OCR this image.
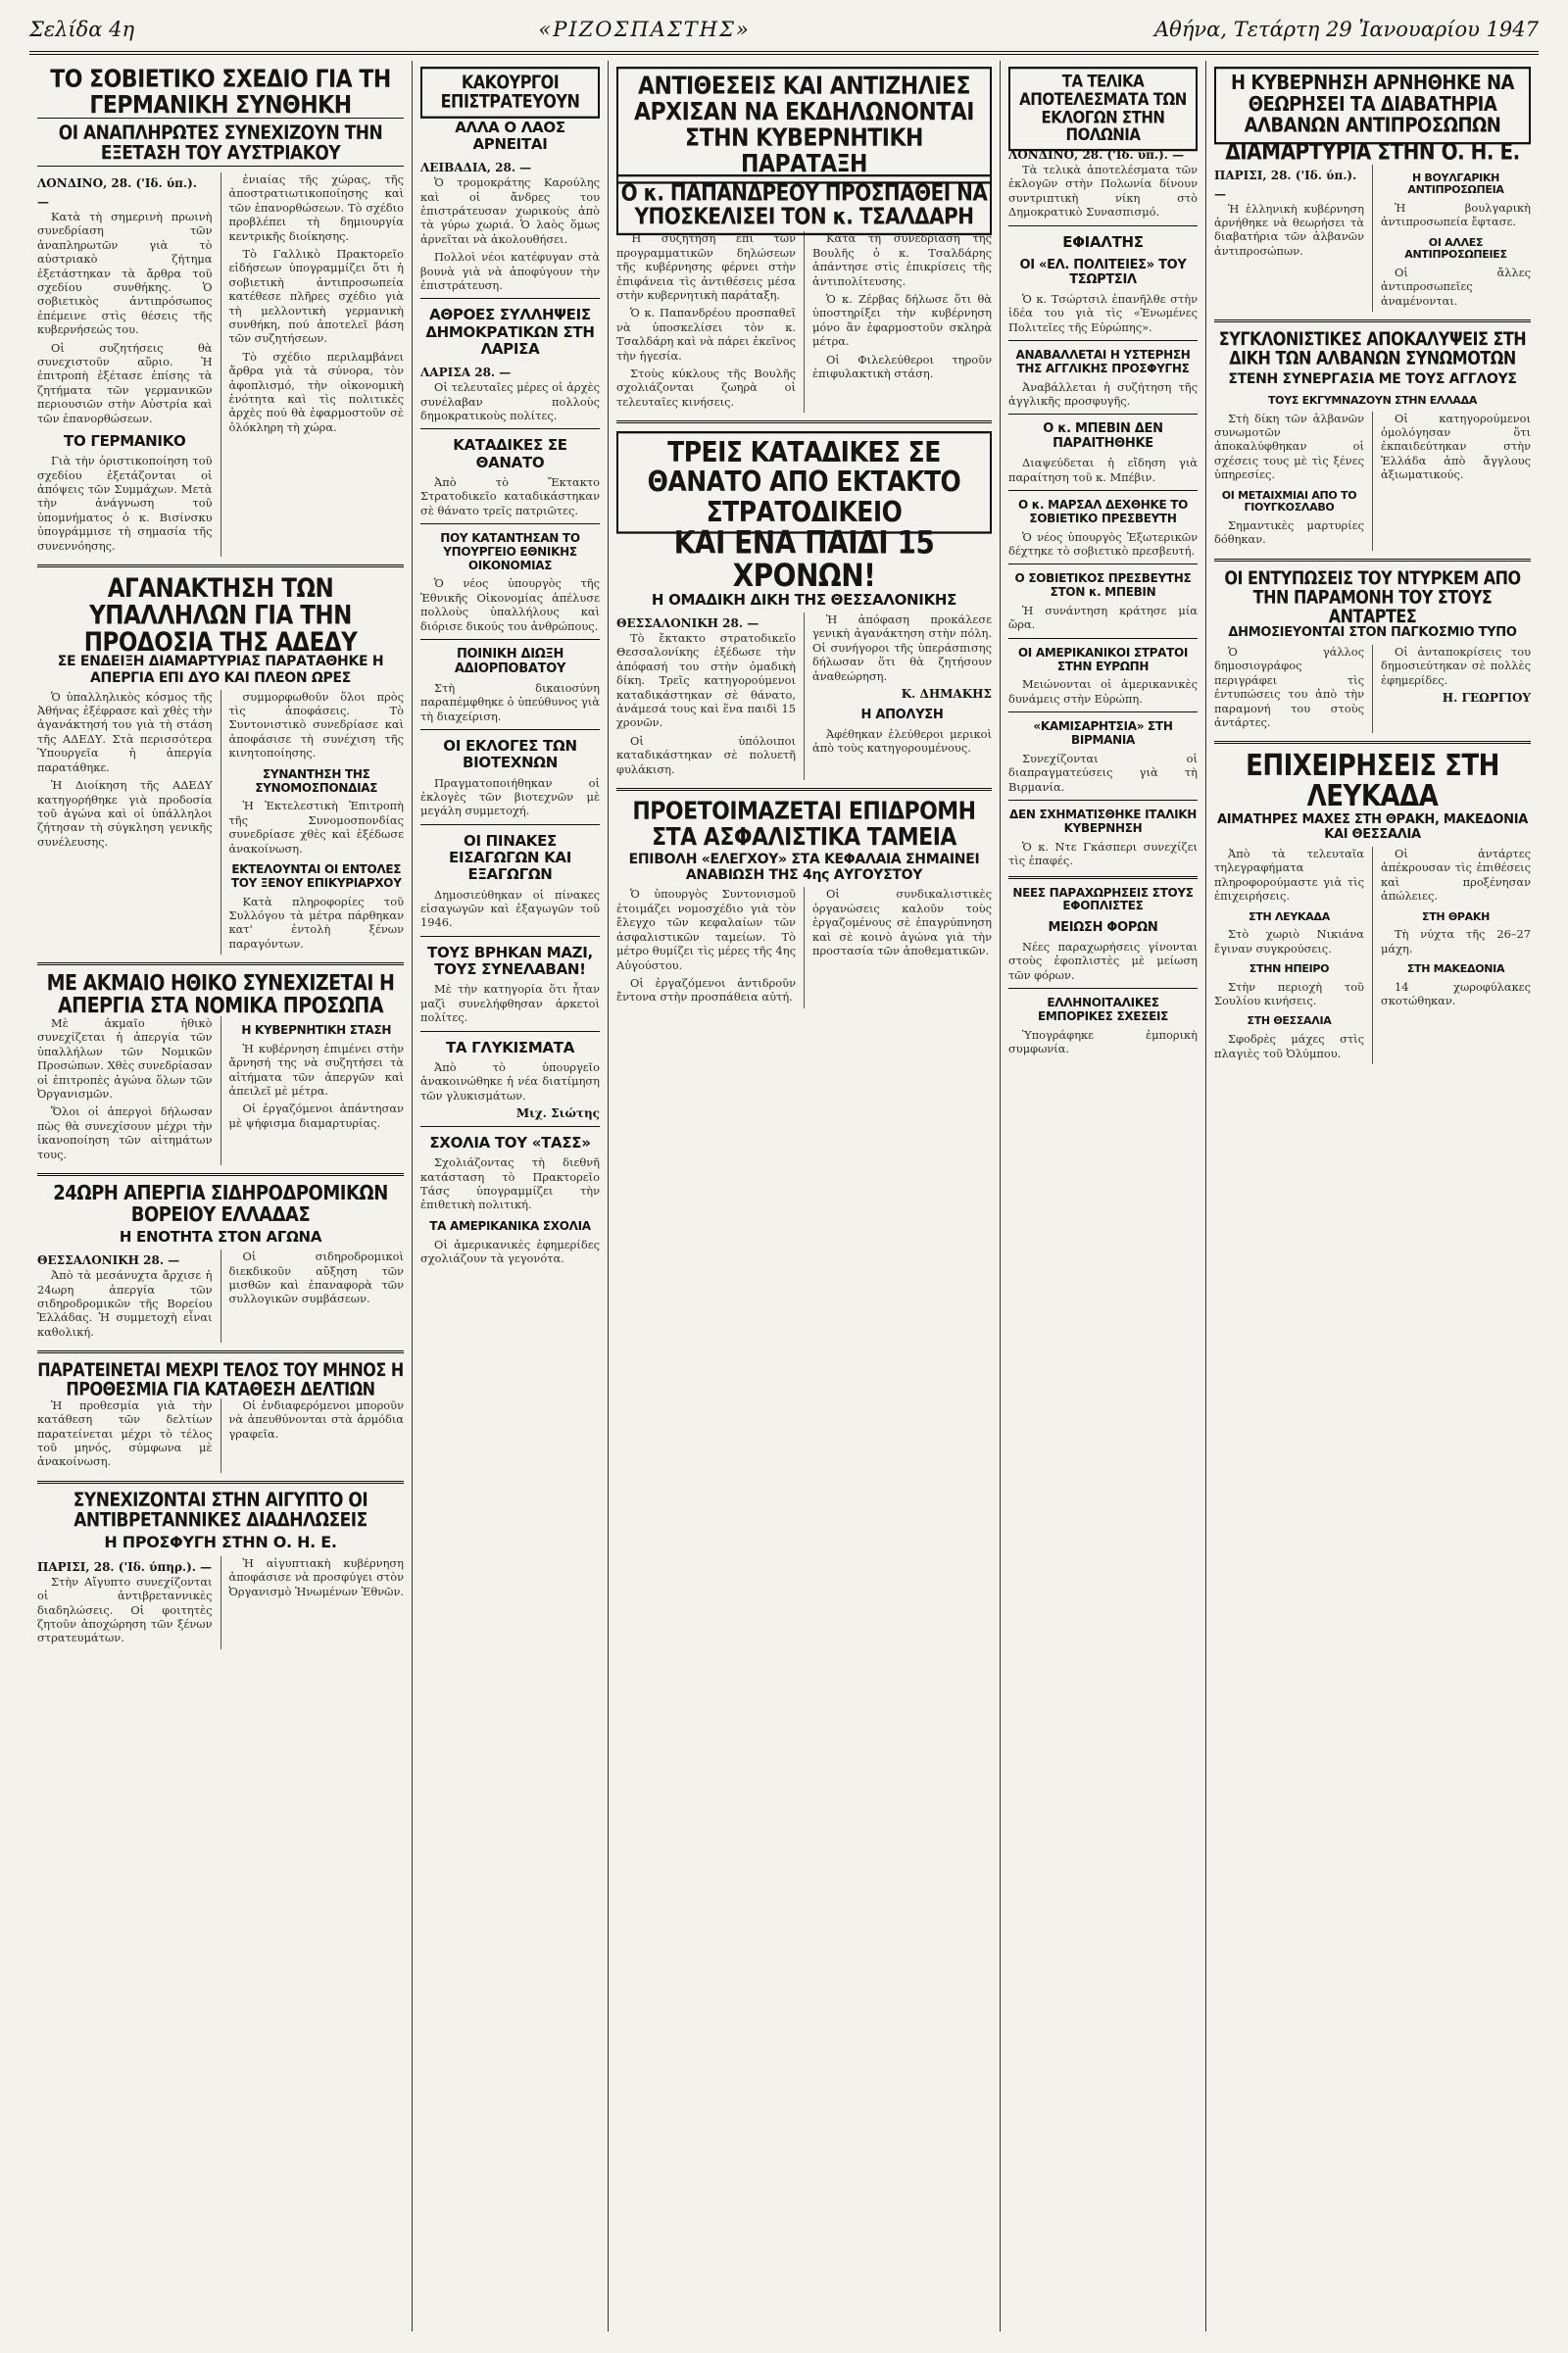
Σελίδα 4η	«ΡΙΖΟΣΠΑΣΤΗΣ»	Αθήνα, Τετάρτη 29 Ἰανουαρίου 1947
ΤΟ ΣΟΒΙΕΤΙΚΟ ΣΧΕΔΙΟ ΓΙΑ ΤΗ ΓΕΡΜΑΝΙΚΗ ΣΥΝΘΗΚΗ
ΟΙ ΑΝΑΠΛΗΡΩΤΕΣ ΣΥΝΕΧΙΖΟΥΝ ΤΗΝ ΕΞΕΤΑΣΗ ΤΟΥ ΑΥΣΤΡΙΑΚΟΥ
ΛΟΝΔΙΝΟ, 28. ('Ιδ. ύπ.). —

Κατὰ τὴ σημερινὴ πρωινὴ συνεδρίαση τῶν ἀναπληρωτῶν γιὰ τὸ αὐστριακὸ ζήτημα ἐξετάστηκαν τὰ ἄρθρα τοῦ σχεδίου συνθήκης. Ὁ σοβιετικὸς ἀντιπρόσωπος ἐπέμεινε στὶς θέσεις τῆς κυβερνήσεώς του.

Οἱ συζητήσεις θὰ συνεχιστοῦν αὔριο. Ἡ ἐπιτροπὴ ἐξέτασε ἐπίσης τὰ ζητήματα τῶν γερμανικῶν περιουσιῶν στὴν Αὐστρία καὶ τῶν ἐπανορθώσεων.

ΤΟ ΓΕΡΜΑΝΙΚΟ

Γιὰ τὴν ὁριστικοποίηση τοῦ σχεδίου ἐξετάζονται οἱ ἀπόψεις τῶν Συμμάχων. Μετὰ τὴν ἀνάγνωση τοῦ ὑπομνήματος ὁ κ. Βισίνσκυ ὑπογράμμισε τὴ σημασία τῆς συνεννόησης.

ἐνιαίας τῆς χώρας, τῆς ἀποστρατιωτικοποίησης καὶ τῶν ἐπανορθώσεων. Τὸ σχέδιο προβλέπει τὴ δημιουργία κεντρικῆς διοίκησης.

Τὸ Γαλλικὸ Πρακτορεῖο εἰδήσεων ὑπογραμμίζει ὅτι ἡ σοβιετικὴ ἀντιπροσωπεία κατέθεσε πλῆρες σχέδιο γιὰ τὴ μελλοντικὴ γερμανικὴ συνθήκη, πού ἀποτελεῖ βάση τῶν συζητήσεων.

Τὸ σχέδιο περιλαμβάνει ἄρθρα γιὰ τὰ σύνορα, τὸν ἀφοπλισμό, τὴν οἰκονομικὴ ἑνότητα καὶ τὶς πολιτικὲς ἀρχὲς πού θὰ ἐφαρμοστοῦν σὲ ὁλόκληρη τὴ χώρα.

ΑΓΑΝΑΚΤΗΣΗ ΤΩΝ ΥΠΑΛΛΗΛΩΝ ΓΙΑ ΤΗΝ ΠΡΟΔΟΣΙΑ ΤΗΣ ΑΔΕΔΥ
ΣΕ ΕΝΔΕΙΞΗ ΔΙΑΜΑΡΤΥΡΙΑΣ ΠΑΡΑΤΑΘΗΚΕ Η ΑΠΕΡΓΙΑ ΕΠΙ ΔΥΟ ΚΑΙ ΠΛΕΟΝ ΩΡΕΣ

Ὁ ὑπαλληλικὸς κόσμος τῆς Ἀθήνας ἐξέφρασε καὶ χθὲς τὴν ἀγανάκτησή του γιὰ τὴ στάση τῆς ΑΔΕΔΥ. Στὰ περισσότερα Ὑπουργεῖα ἡ ἀπεργία παρατάθηκε.

Ἡ Διοίκηση τῆς ΑΔΕΔΥ κατηγορήθηκε γιὰ προδοσία τοῦ ἀγώνα καὶ οἱ ὑπάλληλοι ζήτησαν τὴ σύγκληση γενικῆς συνέλευσης.

συμμορφωθοῦν ὅλοι πρὸς τὶς ἀποφάσεις. Τὸ Συντονιστικὸ συνεδρίασε καὶ ἀποφάσισε τὴ συνέχιση τῆς κινητοποίησης.

ΣΥΝΑΝΤΗΣΗ ΤΗΣ ΣΥΝΟΜΟΣΠΟΝΔΙΑΣ

Ἡ Ἐκτελεστικὴ Ἐπιτροπὴ τῆς Συνομοσπονδίας συνεδρίασε χθὲς καὶ ἐξέδωσε ἀνακοίνωση.

ΕΚΤΕΛΟΥΝΤΑΙ ΟΙ ΕΝΤΟΛΕΣ ΤΟΥ ΞΕΝΟΥ ΕΠΙΚΥΡΙΑΡΧΟΥ

Κατὰ πληροφορίες τοῦ Συλλόγου τὰ μέτρα πάρθηκαν κατ' ἐντολὴ ξένων παραγόντων.

ΜΕ ΑΚΜΑΙΟ ΗΘΙΚΟ ΣΥΝΕΧΙΖΕΤΑΙ Η ΑΠΕΡΓΙΑ ΣΤΑ ΝΟΜΙΚΑ ΠΡΟΣΩΠΑ

Μὲ ἀκμαῖο ἠθικὸ συνεχίζεται ἡ ἀπεργία τῶν ὑπαλλήλων τῶν Νομικῶν Προσώπων. Χθὲς συνεδρίασαν οἱ ἐπιτροπὲς ἀγώνα ὅλων τῶν Ὀργανισμῶν.

Ὅλοι οἱ ἀπεργοὶ δήλωσαν πὼς θὰ συνεχίσουν μέχρι τὴν ἱκανοποίηση τῶν αἰτημάτων τους.

Η ΚΥΒΕΡΝΗΤΙΚΗ ΣΤΑΣΗ

Ἡ κυβέρνηση ἐπιμένει στὴν ἄρνησή της νὰ συζητήσει τὰ αἰτήματα τῶν ἀπεργῶν καὶ ἀπειλεῖ μὲ μέτρα.

Οἱ ἐργαζόμενοι ἀπάντησαν μὲ ψήφισμα διαμαρτυρίας.

24ΩΡΗ ΑΠΕΡΓΙΑ ΣΙΔΗΡΟΔΡΟΜΙΚΩΝ ΒΟΡΕΙΟΥ ΕΛΛΑΔΑΣ
Η ΕΝΟΤΗΤΑ ΣΤΟΝ ΑΓΩΝΑ
ΘΕΣΣΑΛΟΝΙΚΗ 28. —

Ἀπὸ τὰ μεσάνυχτα ἄρχισε ἡ 24ωρη ἀπεργία τῶν σιδηροδρομικῶν τῆς Βορείου Ἑλλάδας. Ἡ συμμετοχὴ εἶναι καθολική.

Οἱ σιδηροδρομικοὶ διεκδικοῦν αὔξηση τῶν μισθῶν καὶ ἐπαναφορὰ τῶν συλλογικῶν συμβάσεων.

ΠΑΡΑΤΕΙΝΕΤΑΙ ΜΕΧΡΙ ΤΕΛΟΣ ΤΟΥ ΜΗΝΟΣ Η ΠΡΟΘΕΣΜΙΑ ΓΙΑ ΚΑΤΑΘΕΣΗ ΔΕΛΤΙΩΝ

Ἡ προθεσμία γιὰ τὴν κατάθεση τῶν δελτίων παρατείνεται μέχρι τὸ τέλος τοῦ μηνός, σύμφωνα μὲ ἀνακοίνωση.

Οἱ ἐνδιαφερόμενοι μποροῦν νὰ ἀπευθύνονται στὰ ἁρμόδια γραφεῖα.

ΣΥΝΕΧΙΖΟΝΤΑΙ ΣΤΗΝ ΑΙΓΥΠΤΟ ΟΙ ΑΝΤΙΒΡΕΤΑΝΝΙΚΕΣ ΔΙΑΔΗΛΩΣΕΙΣ
Η ΠΡΟΣΦΥΓΗ ΣΤΗΝ Ο. Η. Ε.
ΠΑΡΙΣΙ, 28. ('Ιδ. ύπηρ.). —

Στὴν Αἴγυπτο συνεχίζονται οἱ ἀντιβρεταννικὲς διαδηλώσεις. Οἱ φοιτητὲς ζητοῦν ἀποχώρηση τῶν ξένων στρατευμάτων.

Ἡ αἰγυπτιακὴ κυβέρνηση ἀποφάσισε νὰ προσφύγει στὸν Ὀργανισμὸ Ἡνωμένων Ἐθνῶν.

ΚΑΚΟΥΡΓΟΙ ΕΠΙΣΤΡΑΤΕΥΟΥΝ
ΑΛΛΑ Ο ΛΑΟΣ ΑΡΝΕΙΤΑΙ
ΛΕΙΒΑΔΙΑ, 28. —

Ὁ τρομοκράτης Καρούλης καὶ οἱ ἄνδρες του ἐπιστράτευσαν χωρικοὺς ἀπὸ τὰ γύρω χωριά. Ὁ λαὸς ὅμως ἀρνεῖται νὰ ἀκολουθήσει.

Πολλοὶ νέοι κατέφυγαν στὰ βουνὰ γιὰ νὰ ἀποφύγουν τὴν ἐπιστράτευση.

ΑΘΡΟΕΣ ΣΥΛΛΗΨΕΙΣ ΔΗΜΟΚΡΑΤΙΚΩΝ ΣΤΗ ΛΑΡΙΣΑ
ΛΑΡΙΣΑ 28. —

Οἱ τελευταῖες μέρες οἱ ἀρχὲς συνέλαβαν πολλοὺς δημοκρατικοὺς πολίτες.

ΚΑΤΑΔΙΚΕΣ ΣΕ ΘΑΝΑΤΟ

Ἀπὸ τὸ Ἔκτακτο Στρατοδικεῖο καταδικάστηκαν σὲ θάνατο τρεῖς πατριῶτες.

ΠΟΥ ΚΑΤΑΝΤΗΣΑΝ ΤΟ ΥΠΟΥΡΓΕΙΟ ΕΘΝΙΚΗΣ ΟΙΚΟΝΟΜΙΑΣ

Ὁ νέος ὑπουργὸς τῆς Ἐθνικῆς Οἰκονομίας ἀπέλυσε πολλοὺς ὑπαλλήλους καὶ διόρισε δικούς του ἀνθρώπους.

ΠΟΙΝΙΚΗ ΔΙΩΞΗ ΑΔΙΟΡΠΟΒΑΤΟΥ

Στὴ δικαιοσύνη παραπέμφθηκε ὁ ὑπεύθυνος γιὰ τὴ διαχείριση.

ΟΙ ΕΚΛΟΓΕΣ ΤΩΝ ΒΙΟΤΕΧΝΩΝ

Πραγματοποιήθηκαν οἱ ἐκλογὲς τῶν βιοτεχνῶν μὲ μεγάλη συμμετοχή.

ΟΙ ΠΙΝΑΚΕΣ ΕΙΣΑΓΩΓΩΝ ΚΑΙ ΕΞΑΓΩΓΩΝ

Δημοσιεύθηκαν οἱ πίνακες εἰσαγωγῶν καὶ ἐξαγωγῶν τοῦ 1946.

ΤΟΥΣ ΒΡΗΚΑΝ ΜΑΖΙ, ΤΟΥΣ ΣΥΝΕΛΑΒΑΝ!

Μὲ τὴν κατηγορία ὅτι ἦταν μαζὶ συνελήφθησαν ἀρκετοὶ πολίτες.

ΤΑ ΓΛΥΚΙΣΜΑΤΑ

Ἀπὸ τὸ ὑπουργεῖο ἀνακοινώθηκε ἡ νέα διατίμηση τῶν γλυκισμάτων.

Μιχ. Σιώτης
ΣΧΟΛΙΑ ΤΟΥ «ΤΑΣΣ»

Σχολιάζοντας τὴ διεθνῆ κατάσταση τὸ Πρακτορεῖο Τάσς ὑπογραμμίζει τὴν ἐπιθετικὴ πολιτική.

ΤΑ ΑΜΕΡΙΚΑΝΙΚΑ ΣΧΟΛΙΑ

Οἱ ἀμερικανικὲς ἐφημερίδες σχολιάζουν τὰ γεγονότα.

ΑΝΤΙΘΕΣΕΙΣ ΚΑΙ ΑΝΤΙΖΗΛΙΕΣ ΑΡΧΙΣΑΝ ΝΑ ΕΚΔΗΛΩΝΟΝΤΑΙ ΣΤΗΝ ΚΥΒΕΡΝΗΤΙΚΗ ΠΑΡΑΤΑΞΗ
Ο κ. ΠΑΠΑΝΔΡΕΟΥ ΠΡΟΣΠΑΘΕΙ ΝΑ ΥΠΟΣΚΕΛΙΣΕΙ ΤΟΝ κ. ΤΣΑΛΔΑΡΗ

Ἡ συζήτηση ἐπὶ τῶν προγραμματικῶν δηλώσεων τῆς κυβέρνησης φέρνει στὴν ἐπιφάνεια τὶς ἀντιθέσεις μέσα στὴν κυβερνητικὴ παράταξη.

Ὁ κ. Παπανδρέου προσπαθεῖ νὰ ὑποσκελίσει τὸν κ. Τσαλδάρη καὶ νὰ πάρει ἐκεῖνος τὴν ἡγεσία.

Στοὺς κύκλους τῆς Βουλῆς σχολιάζονται ζωηρὰ οἱ τελευταῖες κινήσεις.

Κατὰ τὴ συνεδρίαση τῆς Βουλῆς ὁ κ. Τσαλδάρης ἀπάντησε στὶς ἐπικρίσεις τῆς ἀντιπολίτευσης.

Ὁ κ. Ζέρβας δήλωσε ὅτι θὰ ὑποστηρίξει τὴν κυβέρνηση μόνο ἂν ἐφαρμοστοῦν σκληρὰ μέτρα.

Οἱ Φιλελεύθεροι τηροῦν ἐπιφυλακτικὴ στάση.

ΤΡΕΙΣ ΚΑΤΑΔΙΚΕΣ ΣΕ ΘΑΝΑΤΟ ΑΠΟ ΕΚΤΑΚΤΟ ΣΤΡΑΤΟΔΙΚΕΙΟ
ΚΑΙ ΕΝΑ ΠΑΙΔΙ 15 ΧΡΟΝΩΝ!
Η ΟΜΑΔΙΚΗ ΔΙΚΗ ΤΗΣ ΘΕΣΣΑΛΟΝΙΚΗΣ
ΘΕΣΣΑΛΟΝΙΚΗ 28. —

Τὸ ἔκτακτο στρατοδικεῖο Θεσσαλονίκης ἐξέδωσε τὴν ἀπόφασή του στὴν ὁμαδικὴ δίκη. Τρεῖς κατηγορούμενοι καταδικάστηκαν σὲ θάνατο, ἀνάμεσά τους καὶ ἕνα παιδὶ 15 χρονῶν.

Οἱ ὑπόλοιποι καταδικάστηκαν σὲ πολυετῆ φυλάκιση.

Ἡ ἀπόφαση προκάλεσε γενικὴ ἀγανάκτηση στὴν πόλη. Οἱ συνήγοροι τῆς ὑπεράσπισης δήλωσαν ὅτι θὰ ζητήσουν ἀναθεώρηση.

Κ. ΔΗΜΑΚΗΣ
Η ΑΠΟΛΥΣΗ

Ἀφέθηκαν ἐλεύθεροι μερικοὶ ἀπὸ τοὺς κατηγορουμένους.

ΠΡΟΕΤΟΙΜΑΖΕΤΑΙ ΕΠΙΔΡΟΜΗ ΣΤΑ ΑΣΦΑΛΙΣΤΙΚΑ ΤΑΜΕΙΑ
ΕΠΙΒΟΛΗ «ΕΛΕΓΧΟΥ» ΣΤΑ ΚΕΦΑΛΑΙΑ ΣΗΜΑΙΝΕΙ ΑΝΑΒΙΩΣΗ ΤΗΣ 4ης ΑΥΓΟΥΣΤΟΥ

Ὁ ὑπουργὸς Συντονισμοῦ ἐτοιμάζει νομοσχέδιο γιὰ τὸν ἔλεγχο τῶν κεφαλαίων τῶν ἀσφαλιστικῶν ταμείων. Τὸ μέτρο θυμίζει τὶς μέρες τῆς 4ης Αὐγούστου.

Οἱ ἐργαζόμενοι ἀντιδροῦν ἔντονα στὴν προσπάθεια αὐτή.

Οἱ συνδικαλιστικὲς ὀργανώσεις καλοῦν τοὺς ἐργαζομένους σὲ ἐπαγρύπνηση καὶ σὲ κοινὸ ἀγώνα γιὰ τὴν προστασία τῶν ἀποθεματικῶν.

ΤΑ ΤΕΛΙΚΑ ΑΠΟΤΕΛΕΣΜΑΤΑ ΤΩΝ ΕΚΛΟΓΩΝ ΣΤΗΝ ΠΟΛΩΝΙΑ
ΛΟΝΔΙΝΟ, 28. ('Ιδ. ύπ.). —

Τὰ τελικὰ ἀποτελέσματα τῶν ἐκλογῶν στὴν Πολωνία δίνουν συντριπτικὴ νίκη στὸ Δημοκρατικὸ Συνασπισμό.

ΕΦΙΑΛΤΗΣ
ΟΙ «ΕΛ. ΠΟΛΙΤΕΙΕΣ» ΤΟΥ ΤΣΩΡΤΣΙΛ

Ὁ κ. Τσώρτσιλ ἐπανῆλθε στὴν ἰδέα του γιὰ τὶς «Ἑνωμένες Πολιτεῖες τῆς Εὐρώπης».

ΑΝΑΒΑΛΛΕΤΑΙ Η ΥΣΤΕΡΗΣΗ ΤΗΣ ΑΓΓΛΙΚΗΣ ΠΡΟΣΦΥΓΗΣ

Ἀναβάλλεται ἡ συζήτηση τῆς ἀγγλικῆς προσφυγῆς.

Ο κ. ΜΠΕΒΙΝ ΔΕΝ ΠΑΡΑΙΤΗΘΗΚΕ

Διαψεύδεται ἡ εἴδηση γιὰ παραίτηση τοῦ κ. Μπέβιν.

Ο κ. ΜΑΡΣΑΛ ΔΕΧΘΗΚΕ ΤΟ ΣΟΒΙΕΤΙΚΟ ΠΡΕΣΒΕΥΤΗ

Ὁ νέος ὑπουργὸς Ἐξωτερικῶν δέχτηκε τὸ σοβιετικὸ πρεσβευτή.

Ο ΣΟΒΙΕΤΙΚΟΣ ΠΡΕΣΒΕΥΤΗΣ ΣΤΟΝ κ. ΜΠΕΒΙΝ

Ἡ συνάντηση κράτησε μία ὥρα.

ΟΙ ΑΜΕΡΙΚΑΝΙΚΟΙ ΣΤΡΑΤΟΙ ΣΤΗΝ ΕΥΡΩΠΗ

Μειώνονται οἱ ἀμερικανικὲς δυνάμεις στὴν Εὐρώπη.

«ΚΑΜΙΣΑΡΗΤΣΙΑ» ΣΤΗ ΒΙΡΜΑΝΙΑ

Συνεχίζονται οἱ διαπραγματεύσεις γιὰ τὴ Βιρμανία.

ΔΕΝ ΣΧΗΜΑΤΙΣΘΗΚΕ ΙΤΑΛΙΚΗ ΚΥΒΕΡΝΗΣΗ

Ὁ κ. Ντε Γκάσπερι συνεχίζει τὶς ἐπαφές.

ΝΕΕΣ ΠΑΡΑΧΩΡΗΣΕΙΣ ΣΤΟΥΣ ΕΦΟΠΛΙΣΤΕΣ
ΜΕΙΩΣΗ ΦΟΡΩΝ

Νέες παραχωρήσεις γίνονται στοὺς ἐφοπλιστὲς μὲ μείωση τῶν φόρων.

ΕΛΛΗΝΟΙΤΑΛΙΚΕΣ ΕΜΠΟΡΙΚΕΣ ΣΧΕΣΕΙΣ

Ὑπογράφηκε ἐμπορικὴ συμφωνία.

Η ΚΥΒΕΡΝΗΣΗ ΑΡΝΗΘΗΚΕ ΝΑ ΘΕΩΡΗΣΕΙ ΤΑ ΔΙΑΒΑΤΗΡΙΑ ΑΛΒΑΝΩΝ ΑΝΤΙΠΡΟΣΩΠΩΝ
ΔΙΑΜΑΡΤΥΡΙΑ ΣΤΗΝ Ο. Η. Ε.
ΠΑΡΙΣΙ, 28. ('Ιδ. ύπ.). —

Ἡ ἑλληνικὴ κυβέρνηση ἀρνήθηκε νὰ θεωρήσει τὰ διαβατήρια τῶν ἀλβανῶν ἀντιπροσώπων.

Η ΒΟΥΛΓΑΡΙΚΗ ΑΝΤΙΠΡΟΣΩΠΕΙΑ

Ἡ βουλγαρικὴ ἀντιπροσωπεία ἔφτασε.

ΟΙ ΑΛΛΕΣ ΑΝΤΙΠΡΟΣΩΠΕΙΕΣ

Οἱ ἄλλες ἀντιπροσωπεῖες ἀναμένονται.

ΣΥΓΚΛΟΝΙΣΤΙΚΕΣ ΑΠΟΚΑΛΥΨΕΙΣ ΣΤΗ ΔΙΚΗ ΤΩΝ ΑΛΒΑΝΩΝ ΣΥΝΩΜΟΤΩΝ
ΣΤΕΝΗ ΣΥΝΕΡΓΑΣΙΑ ΜΕ ΤΟΥΣ ΑΓΓΛΟΥΣ
ΤΟΥΣ ΕΚΓΥΜΝΑΖΟΥΝ ΣΤΗΝ ΕΛΛΑΔΑ

Στὴ δίκη τῶν ἀλβανῶν συνωμοτῶν ἀποκαλύφθηκαν οἱ σχέσεις τους μὲ τὶς ξένες ὑπηρεσίες.

ΟΙ ΜΕΤΑΙΧΜΙΑΙ ΑΠΟ ΤΟ ΓΙΟΥΓΚΟΣΛΑΒΟ

Σημαντικὲς μαρτυρίες δόθηκαν.

Οἱ κατηγορούμενοι ὁμολόγησαν ὅτι ἐκπαιδεύτηκαν στὴν Ἑλλάδα ἀπὸ ἄγγλους ἀξιωματικούς.

ΟΙ ΕΝΤΥΠΩΣΕΙΣ ΤΟΥ ΝΤΥΡΚΕΜ ΑΠΟ ΤΗΝ ΠΑΡΑΜΟΝΗ ΤΟΥ ΣΤΟΥΣ ΑΝΤΑΡΤΕΣ
ΔΗΜΟΣΙΕΥΟΝΤΑΙ ΣΤΟΝ ΠΑΓΚΟΣΜΙΟ ΤΥΠΟ

Ὁ γάλλος δημοσιογράφος περιγράφει τὶς ἐντυπώσεις του ἀπὸ τὴν παραμονή του στοὺς ἀντάρτες.

Οἱ ἀνταποκρίσεις του δημοσιεύτηκαν σὲ πολλὲς ἐφημερίδες.

Η. ΓΕΩΡΓΙΟΥ
ΕΠΙΧΕΙΡΗΣΕΙΣ ΣΤΗ ΛΕΥΚΑΔΑ
ΑΙΜΑΤΗΡΕΣ ΜΑΧΕΣ ΣΤΗ ΘΡΑΚΗ, ΜΑΚΕΔΟΝΙΑ ΚΑΙ ΘΕΣΣΑΛΙΑ

Ἀπὸ τὰ τελευταῖα τηλεγραφήματα πληροφορούμαστε γιὰ τὶς ἐπιχειρήσεις.

ΣΤΗ ΛΕΥΚΑΔΑ

Στὸ χωριὸ Νικιάνα ἔγιναν συγκρούσεις.

ΣΤΗΝ ΗΠΕΙΡΟ

Στὴν περιοχὴ τοῦ Σουλίου κινήσεις.

ΣΤΗ ΘΕΣΣΑΛΙΑ

Σφοδρὲς μάχες στὶς πλαγιὲς τοῦ Ὀλύμπου.

Οἱ ἀντάρτες ἀπέκρουσαν τὶς ἐπιθέσεις καὶ προξένησαν ἀπώλειες.

ΣΤΗ ΘΡΑΚΗ

Τὴ νύχτα τῆς 26–27 μάχη.

ΣΤΗ ΜΑΚΕΔΟΝΙΑ

14 χωροφύλακες σκοτώθηκαν.
